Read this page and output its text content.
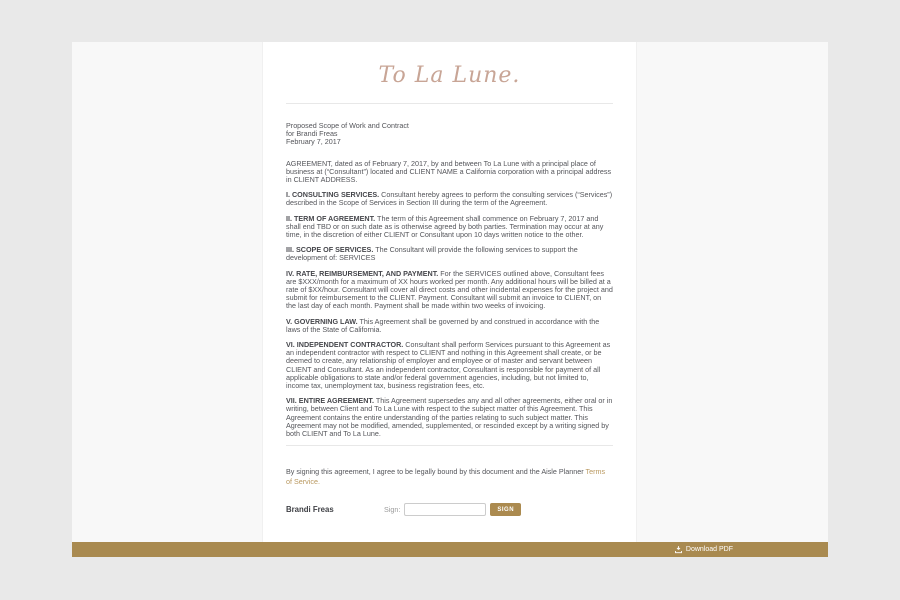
To La Lune.
Proposed Scope of Work and Contract
for Brandi Freas
February 7, 2017

AGREEMENT, dated as of February 7, 2017, by and between To La Lune with a principal place of business at (“Consultant”) located and CLIENT NAME a California corporation with a principal address in CLIENT ADDRESS.

I. CONSULTING SERVICES. Consultant hereby agrees to perform the consulting services (“Services”) described in the Scope of Services in Section III during the term of the Agreement.

II. TERM OF AGREEMENT. The term of this Agreement shall commence on February 7, 2017 and shall end TBD or on such date as is otherwise agreed by both parties. Termination may occur at any time, in the discretion of either CLIENT or Consultant upon 10 days written notice to the other.

III. SCOPE OF SERVICES. The Consultant will provide the following services to support the development of: SERVICES

IV. RATE, REIMBURSEMENT, AND PAYMENT. For the SERVICES outlined above, Consultant fees are $XXX/month for a maximum of XX hours worked per month. Any additional hours will be billed at a rate of $XX/hour. Consultant will cover all direct costs and other incidental expenses for the project and submit for reimbursement to the CLIENT. Payment. Consultant will submit an invoice to CLIENT, on the last day of each month. Payment shall be made within two weeks of invoicing.

V. GOVERNING LAW. This Agreement shall be governed by and construed in accordance with the laws of the State of California.

VI. INDEPENDENT CONTRACTOR. Consultant shall perform Services pursuant to this Agreement as an independent contractor with respect to CLIENT and nothing in this Agreement shall create, or be deemed to create, any relationship of employer and employee or of master and servant between CLIENT and Consultant. As an independent contractor, Consultant is responsible for payment of all applicable obligations to state and/or federal government agencies, including, but not limited to, income tax, unemployment tax, business registration fees, etc.

VII. ENTIRE AGREEMENT. This Agreement supersedes any and all other agreements, either oral or in writing, between Client and To La Lune with respect to the subject matter of this Agreement. This Agreement contains the entire understanding of the parties relating to such subject matter. This Agreement may not be modified, amended, supplemented, or rescinded except by a writing signed by both CLIENT and To La Lune.

By signing this agreement, I agree to be legally bound by this document and the Aisle Planner Terms of Service.

Brandi Freas	Sign:	SIGN
Download PDF
